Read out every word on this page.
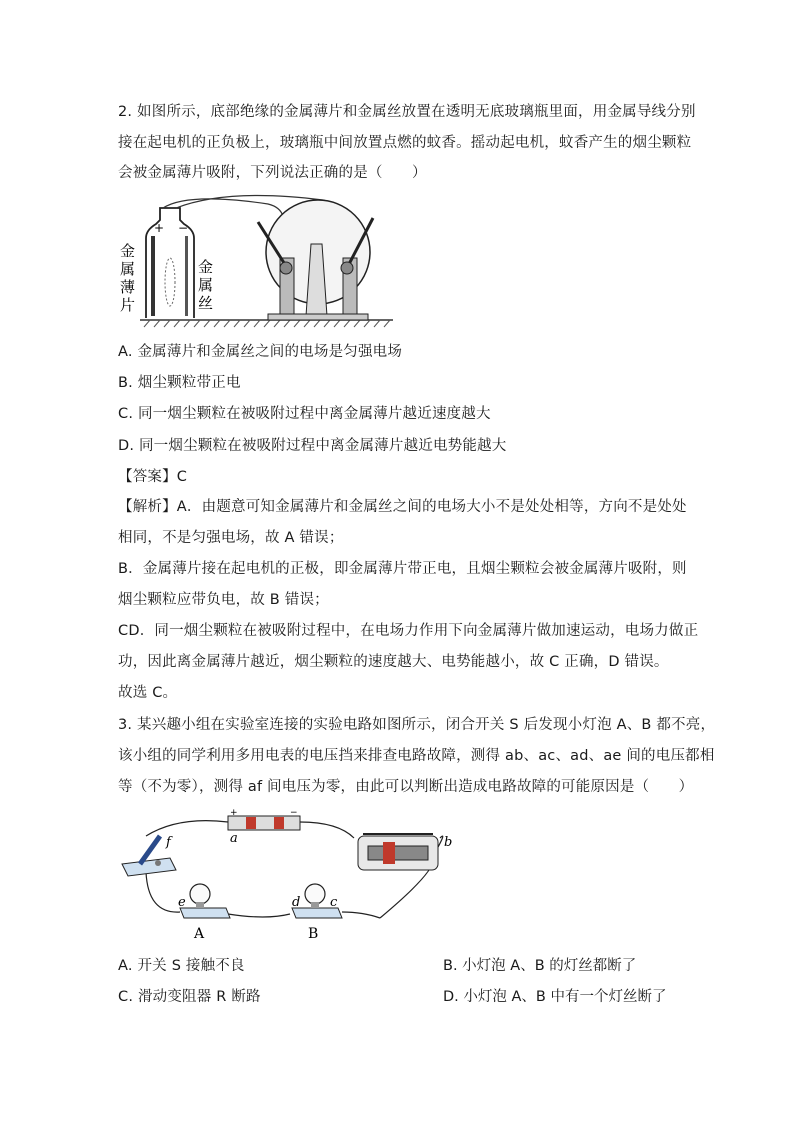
2. 如图所示，底部绝缘的金属薄片和金属丝放置在透明无底玻璃瓶里面，用金属导线分别
接在起电机的正负极上，玻璃瓶中间放置点燃的蚊香。摇动起电机，蚊香产生的烟尘颗粒
会被金属薄片吸附，下列说法正确的是（　　）
+ −
金
属
薄
片
金
属
丝
A. 金属薄片和金属丝之间的电场是匀强电场
B. 烟尘颗粒带正电
C. 同一烟尘颗粒在被吸附过程中离金属薄片越近速度越大
D. 同一烟尘颗粒在被吸附过程中离金属薄片越近电势能越大
【答案】C
【解析】A．由题意可知金属薄片和金属丝之间的电场大小不是处处相等，方向不是处处
相同，不是匀强电场，故 A 错误；
B．金属薄片接在起电机的正极，即金属薄片带正电，且烟尘颗粒会被金属薄片吸附，则
烟尘颗粒应带负电，故 B 错误；
CD．同一烟尘颗粒在被吸附过程中，在电场力作用下向金属薄片做加速运动，电场力做正
功，因此离金属薄片越近，烟尘颗粒的速度越大、电势能越小，故 C 正确，D 错误。
故选 C。
3. 某兴趣小组在实验室连接的实验电路如图所示，闭合开关 S 后发现小灯泡 A、B 都不亮，
该小组的同学利用多用电表的电压挡来排查电路故障，测得 ab、ac、ad、ae 间的电压都相
等（不为零），测得 af 间电压为零，由此可以判断出造成电路故障的可能原因是（　　）
+	−
a
f	b
e
A
d c
B
A. 开关 S 接触不良	B. 小灯泡 A、B 的灯丝都断了
C. 滑动变阻器 R 断路	D. 小灯泡 A、B 中有一个灯丝断了
